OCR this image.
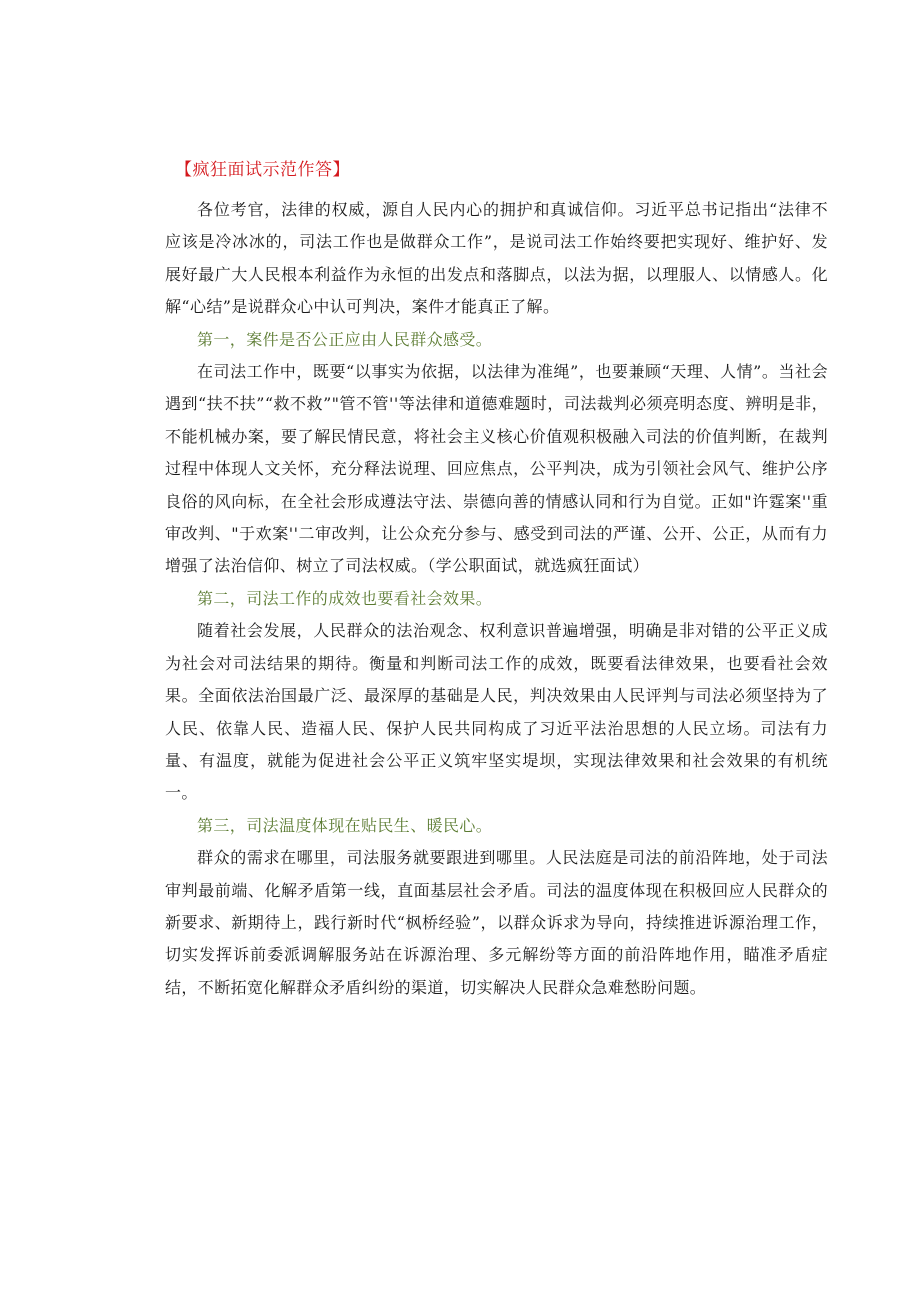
【疯狂面试示范作答】

各位考官，法律的权威，源自人民内心的拥护和真诚信仰。习近平总书记指出“法律不应该是冷冰冰的，司法工作也是做群众工作”，是说司法工作始终要把实现好、维护好、发展好最广大人民根本利益作为永恒的出发点和落脚点，以法为据，以理服人、以情感人。化解“心结”是说群众心中认可判决，案件才能真正了解。

第一，案件是否公正应由人民群众感受。

在司法工作中，既要“以事实为依据，以法律为准绳”，也要兼顾“天理、人情”。当社会遇到“扶不扶”“救不救”"管不管''等法律和道德难题时，司法裁判必须亮明态度、辨明是非，不能机械办案，要了解民情民意，将社会主义核心价值观积极融入司法的价值判断，在裁判过程中体现人文关怀，充分释法说理、回应焦点，公平判决，成为引领社会风气、维护公序良俗的风向标，在全社会形成遵法守法、崇德向善的情感认同和行为自觉。正如"许霆案''重审改判、"于欢案''二审改判，让公众充分参与、感受到司法的严谨、公开、公正，从而有力增强了法治信仰、树立了司法权威。（学公职面试，就选疯狂面试）

第二，司法工作的成效也要看社会效果。

随着社会发展，人民群众的法治观念、权利意识普遍增强，明确是非对错的公平正义成为社会对司法结果的期待。衡量和判断司法工作的成效，既要看法律效果，也要看社会效果。全面依法治国最广泛、最深厚的基础是人民，判决效果由人民评判与司法必须坚持为了人民、依靠人民、造福人民、保护人民共同构成了习近平法治思想的人民立场。司法有力量、有温度，就能为促进社会公平正义筑牢坚实堤坝，实现法律效果和社会效果的有机统一。

第三，司法温度体现在贴民生、暖民心。

群众的需求在哪里，司法服务就要跟进到哪里。人民法庭是司法的前沿阵地，处于司法审判最前端、化解矛盾第一线，直面基层社会矛盾。司法的温度体现在积极回应人民群众的新要求、新期待上，践行新时代“枫桥经验”，以群众诉求为导向，持续推进诉源治理工作，切实发挥诉前委派调解服务站在诉源治理、多元解纷等方面的前沿阵地作用，瞄准矛盾症结，不断拓宽化解群众矛盾纠纷的渠道，切实解决人民群众急难愁盼问题。
